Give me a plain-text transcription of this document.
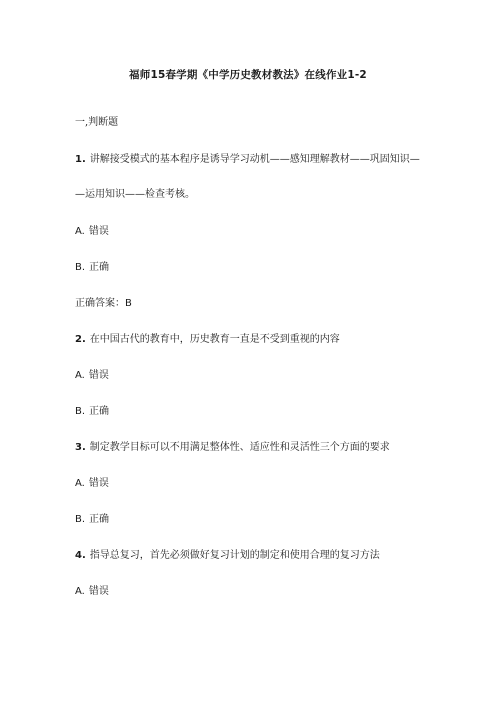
福师15春学期《中学历史教材教法》在线作业1-2
一,判断题
1. 讲解接受模式的基本程序是诱导学习动机——感知理解教材——巩固知识—
—运用知识——检查考核。
A. 错误
B. 正确
正确答案：B
2. 在中国古代的教育中，历史教育一直是不受到重视的内容
A. 错误
B. 正确
3. 制定教学目标可以不用满足整体性、适应性和灵活性三个方面的要求
A. 错误
B. 正确
4. 指导总复习，首先必须做好复习计划的制定和使用合理的复习方法
A. 错误
